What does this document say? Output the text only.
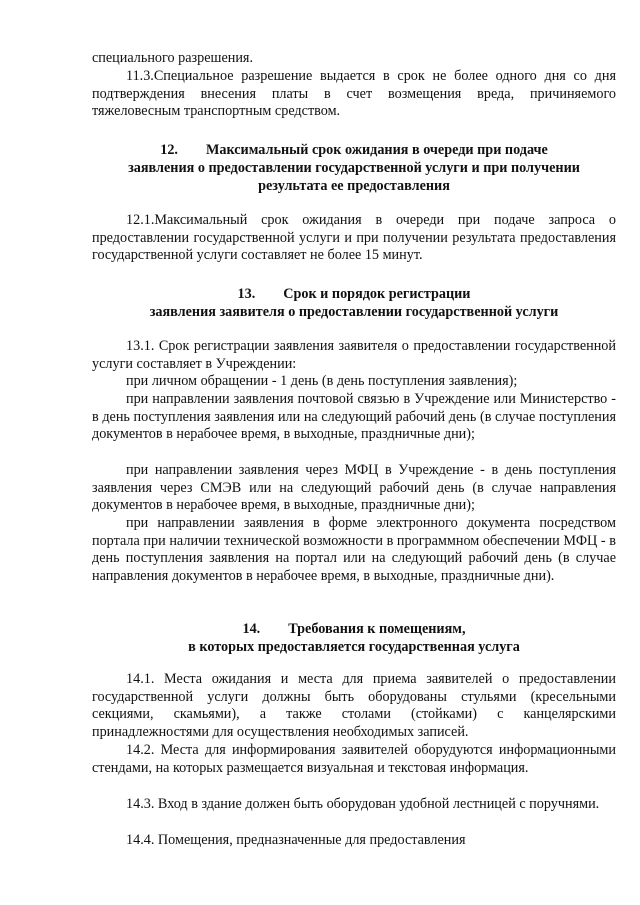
специального разрешения.

11.3.Специальное разрешение выдается в срок не более одного дня со дня подтверждения внесения платы в счет возмещения вреда, причиняемого тяжеловесным транспортным средством.

12. Максимальный срок ожидания в очереди при подаче
заявления о предоставлении государственной услуги и при получении
результата ее предоставления

12.1.Максимальный срок ожидания в очереди при подаче запроса о предоставлении государственной услуги и при получении результата предоставления государственной услуги составляет не более 15 минут.

13. Срок и порядок регистрации
заявления заявителя о предоставлении государственной услуги

13.1. Срок регистрации заявления заявителя о предоставлении государственной услуги составляет в Учреждении:

при личном обращении - 1 день (в день поступления заявления);

при направлении заявления почтовой связью в Учреждение или Министерство - в день поступления заявления или на следующий рабочий день (в случае поступления документов в нерабочее время, в выходные, праздничные дни);

при направлении заявления через МФЦ в Учреждение - в день поступления заявления через СМЭВ или на следующий рабочий день (в случае направления документов в нерабочее время, в выходные, праздничные дни);

при направлении заявления в форме электронного документа посредством портала при наличии технической возможности в программном обеспечении МФЦ - в день поступления заявления на портал или на следующий рабочий день (в случае направления документов в нерабочее время, в выходные, праздничные дни).

14. Требования к помещениям,
в которых предоставляется государственная услуга

14.1. Места ожидания и места для приема заявителей о предоставлении государственной услуги должны быть оборудованы стульями (кресельными секциями, скамьями), а также столами (стойками) с канцелярскими принадлежностями для осуществления необходимых записей.

14.2. Места для информирования заявителей оборудуются информационными стендами, на которых размещается визуальная и текстовая информация.

14.3. Вход в здание должен быть оборудован удобной лестницей с поручнями.

14.4. Помещения, предназначенные для предоставления
